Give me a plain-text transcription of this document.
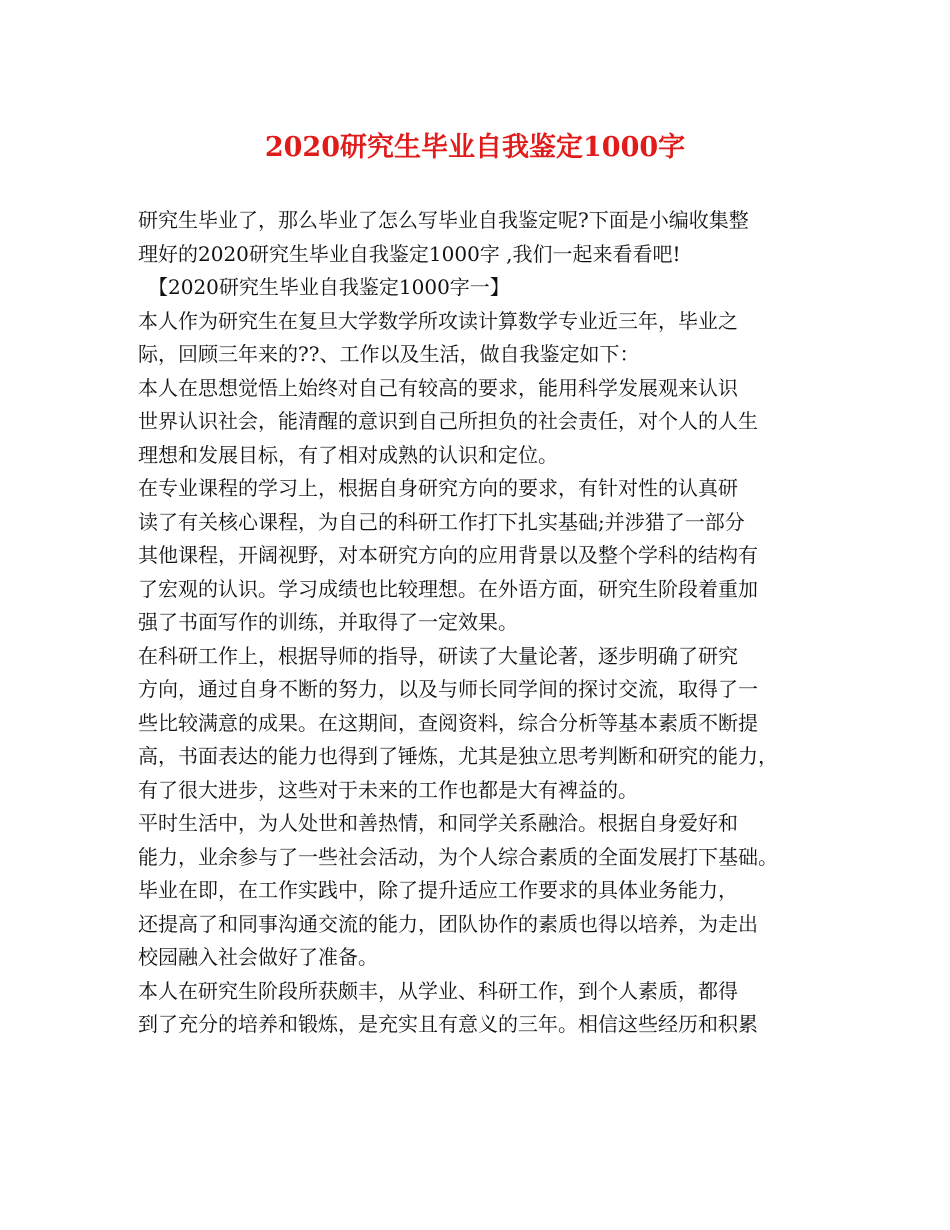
2020研究生毕业自我鉴定1000字
研究生毕业了，那么毕业了怎么写毕业自我鉴定呢?下面是小编收集整
理好的2020研究生毕业自我鉴定1000字 ,我们一起来看看吧!
　【2020研究生毕业自我鉴定1000字一】
本人作为研究生在复旦大学数学所攻读计算数学专业近三年，毕业之
际，回顾三年来的??、工作以及生活，做自我鉴定如下：
本人在思想觉悟上始终对自己有较高的要求，能用科学发展观来认识
世界认识社会，能清醒的意识到自己所担负的社会责任，对个人的人生
理想和发展目标，有了相对成熟的认识和定位。
在专业课程的学习上，根据自身研究方向的要求，有针对性的认真研
读了有关核心课程，为自己的科研工作打下扎实基础;并涉猎了一部分
其他课程，开阔视野，对本研究方向的应用背景以及整个学科的结构有
了宏观的认识。学习成绩也比较理想。在外语方面，研究生阶段着重加
强了书面写作的训练，并取得了一定效果。
在科研工作上，根据导师的指导，研读了大量论著，逐步明确了研究
方向，通过自身不断的努力，以及与师长同学间的探讨交流，取得了一
些比较满意的成果。在这期间，查阅资料，综合分析等基本素质不断提
高，书面表达的能力也得到了锤炼，尤其是独立思考判断和研究的能力，
有了很大进步，这些对于未来的工作也都是大有裨益的。
平时生活中，为人处世和善热情，和同学关系融洽。根据自身爱好和
能力，业余参与了一些社会活动，为个人综合素质的全面发展打下基础。
毕业在即，在工作实践中，除了提升适应工作要求的具体业务能力，
还提高了和同事沟通交流的能力，团队协作的素质也得以培养，为走出
校园融入社会做好了准备。
本人在研究生阶段所获颇丰，从学业、科研工作，到个人素质，都得
到了充分的培养和锻炼，是充实且有意义的三年。相信这些经历和积累
